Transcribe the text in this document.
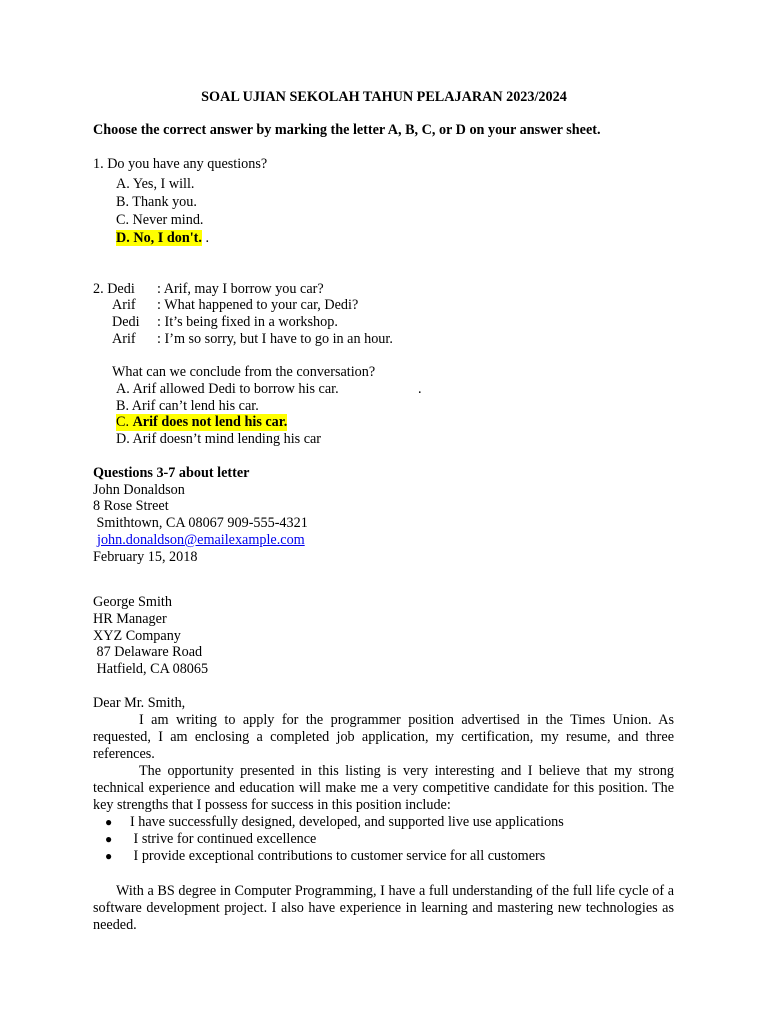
SOAL UJIAN SEKOLAH TAHUN PELAJARAN 2023/2024
Choose the correct answer by marking the letter A, B, C, or D on your answer sheet.
1. Do you have any questions?
A. Yes, I will.
B. Thank you.
C. Never mind.
D. No, I don't. .
2. Dedi : Arif, may I borrow you car?
Arif : What happened to your car, Dedi?
Dedi : It’s being fixed in a workshop.
Arif : I’m so sorry, but I have to go in an hour.
What can we conclude from the conversation?
A. Arif allowed Dedi to borrow his car.	.
B. Arif can’t lend his car.
C. Arif does not lend his car.
D. Arif doesn’t mind lending his car
Questions 3-7 about letter
John Donaldson
8 Rose Street
Smithtown, CA 08067 909-555-4321
john.donaldson@emailexample.com
February 15, 2018
George Smith
HR Manager
XYZ Company
87 Delaware Road
Hatfield, CA 08065
Dear Mr. Smith,
I am writing to apply for the programmer position advertised in the Times Union. As requested, I am enclosing a completed job application, my certification, my resume, and three references.
The opportunity presented in this listing is very interesting and I believe that my strong technical experience and education will make me a very competitive candidate for this position. The key strengths that I possess for success in this position include:
● I have successfully designed, developed, and supported live use applications
● I strive for continued excellence
● I provide exceptional contributions to customer service for all customers
With a BS degree in Computer Programming, I have a full understanding of the full life cycle of a software development project. I also have experience in learning and mastering new technologies as needed.
